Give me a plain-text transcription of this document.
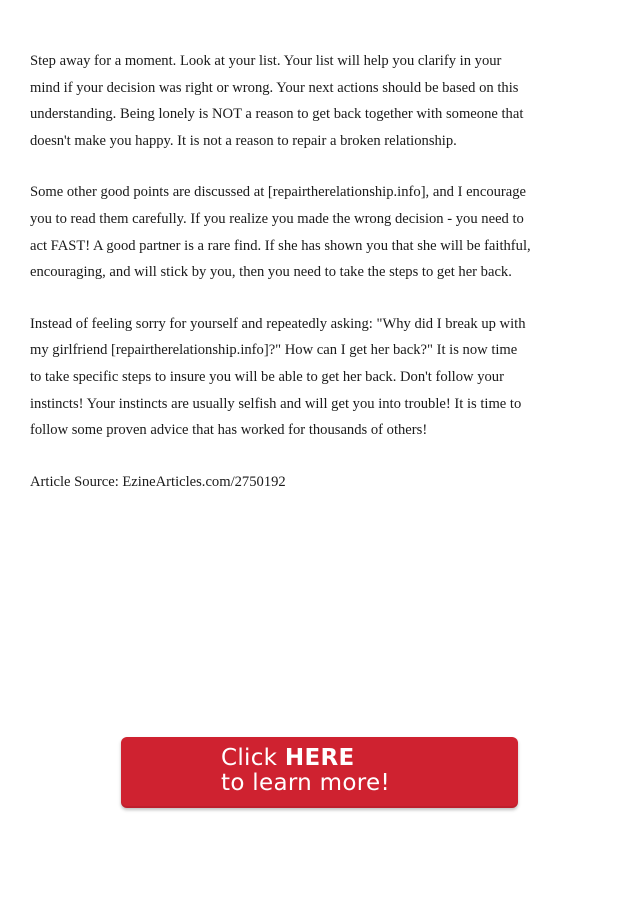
Step away for a moment. Look at your list. Your list will help you clarify in your
mind if your decision was right or wrong. Your next actions should be based on this
understanding. Being lonely is NOT a reason to get back together with someone that
doesn't make you happy. It is not a reason to repair a broken relationship.

Some other good points are discussed at [repairtherelationship.info], and I encourage
you to read them carefully. If you realize you made the wrong decision - you need to
act FAST! A good partner is a rare find. If she has shown you that she will be faithful,
encouraging, and will stick by you, then you need to take the steps to get her back.

Instead of feeling sorry for yourself and repeatedly asking: "Why did I break up with
my girlfriend [repairtherelationship.info]?" How can I get her back?" It is now time
to take specific steps to insure you will be able to get her back. Don't follow your
instincts! Your instincts are usually selfish and will get you into trouble! It is time to
follow some proven advice that has worked for thousands of others!

Article Source: EzineArticles.com/2750192

Click HERE
to learn more!
